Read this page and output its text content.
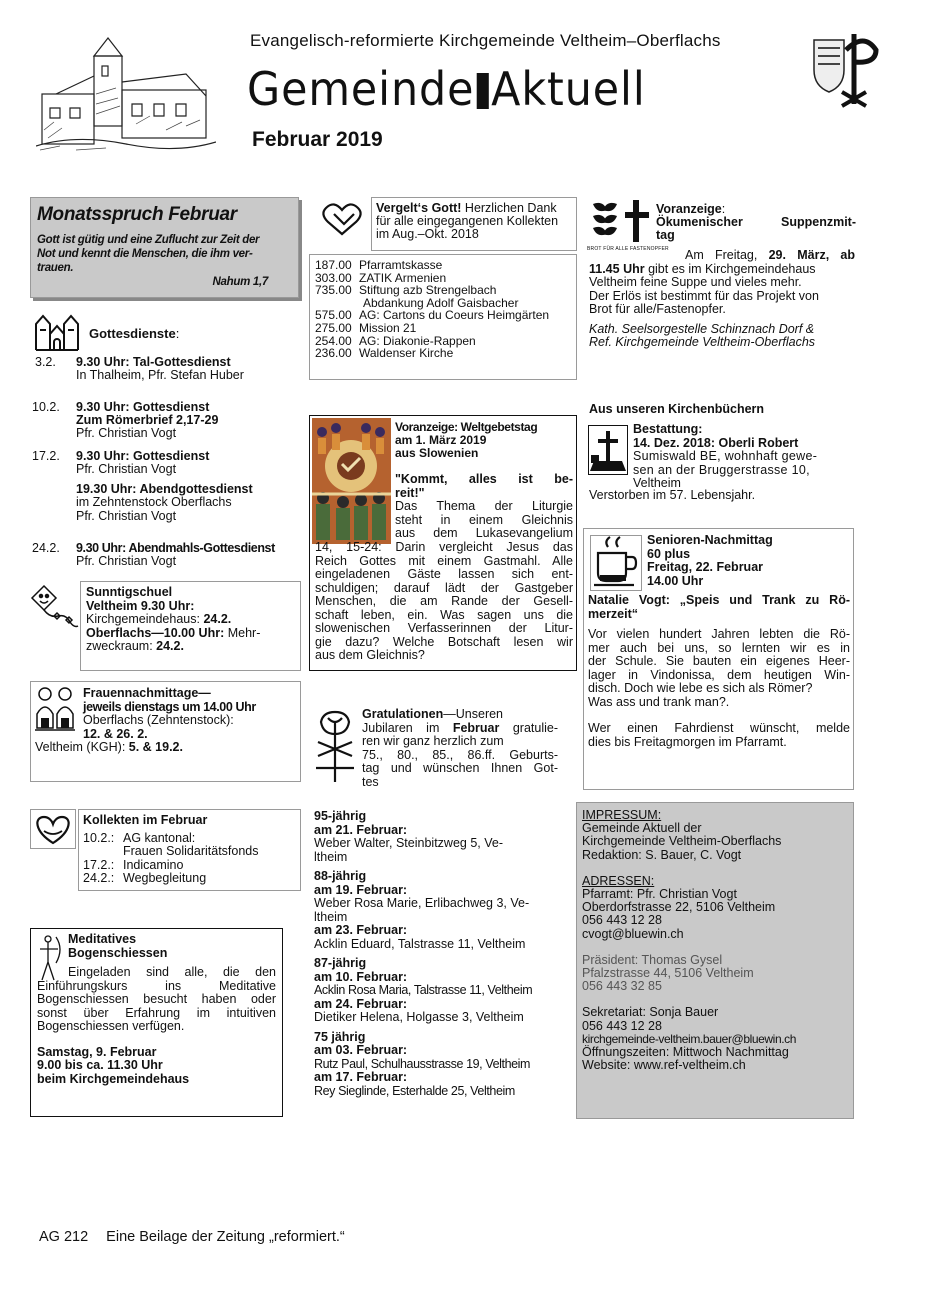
Evangelisch-reformierte Kirchgemeinde Veltheim–Oberflachs
Gemeinde Aktuell
Februar 2019
Monatsspruch Februar

Gott ist gütig und eine Zuflucht zur Zeit der
Not und kennt die Menschen, die ihm ver-
trauen.

Nahum 1,7

Gottesdienste:
3.2. 9.30 Uhr: Tal-Gottesdienst
In Thalheim, Pfr. Stefan Huber
10.2. 9.30 Uhr: Gottesdienst
Zum Römerbrief 2,17-29
Pfr. Christian Vogt
17.2. 9.30 Uhr: Gottesdienst
Pfr. Christian Vogt
19.30 Uhr: Abendgottesdienst
im Zehntenstock Oberflachs
Pfr. Christian Vogt
24.2. 9.30 Uhr: Abendmahls-Gottesdienst
Pfr. Christian Vogt
Sunntigschuel
Veltheim 9.30 Uhr:
Kirchgemeindehaus: 24.2.
Oberflachs—10.00 Uhr: Mehr-
zweckraum: 24.2.
Frauennachmittage—
jeweils dienstags um 14.00 Uhr
Oberflachs (Zehntenstock):
12. & 26. 2.
Veltheim (KGH): 5. & 19.2.
Kollekten im Februar
10.2.: AG kantonal:
Frauen Solidaritätsfonds
17.2.: Indicamino
24.2.: Wegbegleitung
Meditatives
Bogenschiessen
Eingeladen sind alle, die den
Einführungskurs ins Meditative
Bogenschiessen besucht haben oder
sonst über Erfahrung im intuitiven
Bogenschiessen verfügen.
Samstag, 9. Februar
9.00 bis ca. 11.30 Uhr
beim Kirchgemeindehaus
Vergelt‘s Gott! Herzlichen Dank
für alle eingegangenen Kollekten
im Aug.–Okt. 2018
187.00 Pfarramtskasse
303.00 ZATIK Armenien
735.00 Stiftung azb Strengelbach
Abdankung Adolf Gaisbacher
575.00 AG: Cartons du Coeurs Heimgärten
275.00 Mission 21
254.00 AG: Diakonie-Rappen
236.00 Waldenser Kirche
Voranzeige: Weltgebetstag
am 1. März 2019
aus Slowenien
"Kommt, alles ist be-
reit!"
Das Thema der Liturgie
steht in einem Gleichnis
aus dem Lukasevangelium
14, 15-24: Darin vergleicht Jesus das
Reich Gottes mit einem Gastmahl. Alle
eingeladenen Gäste lassen sich ent-
schuldigen; darauf lädt der Gastgeber
Menschen, die am Rande der Gesell-
schaft leben, ein. Was sagen uns die
slowenischen Verfasserinnen der Litur-
gie dazu? Welche Botschaft lesen wir
aus dem Gleichnis?
Gratulationen—Unseren
Jubilaren im Februar gratulie-
ren wir ganz herzlich zum
75., 80., 85., 86.ff. Geburts-
tag und wünschen Ihnen Got-
tes
95-jährig
am 21. Februar:
Weber Walter, Steinbitzweg 5, Ve-
ltheim
88-jährig
am 19. Februar:
Weber Rosa Marie, Erlibachweg 3, Ve-
ltheim
am 23. Februar:
Acklin Eduard, Talstrasse 11, Veltheim
87-jährig
am 10. Februar:
Acklin Rosa Maria, Talstrasse 11, Veltheim
am 24. Februar:
Dietiker Helena, Holgasse 3, Veltheim
75 jährig
am 03. Februar:
Rutz Paul, Schulhausstrasse 19, Veltheim
am 17. Februar:
Rey Sieglinde, Esterhalde 25, Veltheim
BROT FÜR ALLE FASTENOPFER
Voranzeige:
Ökumenischer Suppenzmit-
tag
Am Freitag, 29. März, ab
11.45 Uhr gibt es im Kirchgemeindehaus
Veltheim feine Suppe und vieles mehr.
Der Erlös ist bestimmt für das Projekt von
Brot für alle/Fastenopfer.
Kath. Seelsorgestelle Schinznach Dorf &
Ref. Kirchgemeinde Veltheim-Oberflachs
Aus unseren Kirchenbüchern
Bestattung:
14. Dez. 2018: Oberli Robert
Sumiswald BE, wohnhaft gewe-
sen an der Bruggerstrasse 10,
Veltheim
Verstorben im 57. Lebensjahr.
Senioren-Nachmittag
60 plus
Freitag, 22. Februar
14.00 Uhr
Natalie Vogt: „Speis und Trank zu Rö-
merzeit“
Vor vielen hundert Jahren lebten die Rö-
mer auch bei uns, so lernten wir es in
der Schule. Sie bauten ein eigenes Heer-
lager in Vindonissa, dem heutigen Win-
disch. Doch wie lebe es sich als Römer?
Was ass und trank man?.
Wer einen Fahrdienst wünscht, melde
dies bis Freitagmorgen im Pfarramt.
IMPRESSUM:
Gemeinde Aktuell der
Kirchgemeinde Veltheim-Oberflachs
Redaktion: S. Bauer, C. Vogt
ADRESSEN:
Pfarramt: Pfr. Christian Vogt
Oberdorfstrasse 22, 5106 Veltheim
056 443 12 28
cvogt@bluewin.ch
Präsident: Thomas Gysel
Pfalzstrasse 44, 5106 Veltheim
056 443 32 85
Sekretariat: Sonja Bauer
056 443 12 28
kirchgemeinde-veltheim.bauer@bluewin.ch
Öffnungszeiten: Mittwoch Nachmittag
Website: www.ref-veltheim.ch
AG 212 Eine Beilage der Zeitung „reformiert.“
